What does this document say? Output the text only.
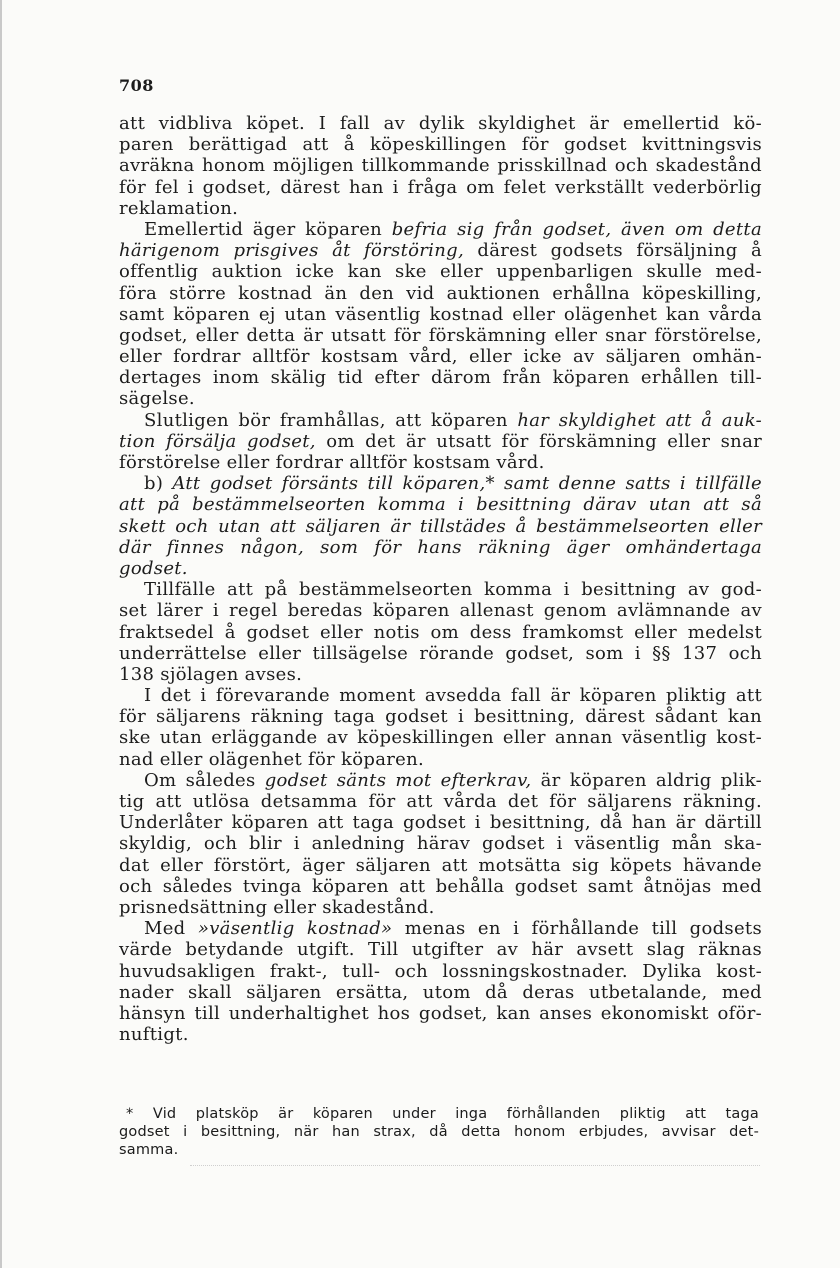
708
att vidbliva köpet. I fall av dylik skyldighet är emellertid kö-
paren berättigad att å köpeskillingen för godset kvittningsvis
avräkna honom möjligen tillkommande prisskillnad och skadestånd
för fel i godset, därest han i fråga om felet verkställt vederbörlig
reklamation.
Emellertid äger köparen befria sig från godset, även om detta
härigenom prisgives åt förstöring, därest godsets försäljning å
offentlig auktion icke kan ske eller uppenbarligen skulle med-
föra större kostnad än den vid auktionen erhållna köpeskilling,
samt köparen ej utan väsentlig kostnad eller olägenhet kan vårda
godset, eller detta är utsatt för förskämning eller snar förstörelse,
eller fordrar alltför kostsam vård, eller icke av säljaren omhän-
dertages inom skälig tid efter därom från köparen erhållen till-
sägelse.
Slutligen bör framhållas, att köparen har skyldighet att å auk-
tion försälja godset, om det är utsatt för förskämning eller snar
förstörelse eller fordrar alltför kostsam vård.
b) Att godset försänts till köparen,* samt denne satts i tillfälle
att på bestämmelseorten komma i besittning därav utan att så
skett och utan att säljaren är tillstädes å bestämmelseorten eller
där finnes någon, som för hans räkning äger omhändertaga
godset.
Tillfälle att på bestämmelseorten komma i besittning av god-
set lärer i regel beredas köparen allenast genom avlämnande av
fraktsedel å godset eller notis om dess framkomst eller medelst
underrättelse eller tillsägelse rörande godset, som i §§ 137 och
138 sjölagen avses.
I det i förevarande moment avsedda fall är köparen pliktig att
för säljarens räkning taga godset i besittning, därest sådant kan
ske utan erläggande av köpeskillingen eller annan väsentlig kost-
nad eller olägenhet för köparen.
Om således godset sänts mot efterkrav, är köparen aldrig plik-
tig att utlösa detsamma för att vårda det för säljarens räkning.
Underlåter köparen att taga godset i besittning, då han är därtill
skyldig, och blir i anledning härav godset i väsentlig mån ska-
dat eller förstört, äger säljaren att motsätta sig köpets hävande
och således tvinga köparen att behålla godset samt åtnöjas med
prisnedsättning eller skadestånd.
Med »väsentlig kostnad» menas en i förhållande till godsets
värde betydande utgift. Till utgifter av här avsett slag räknas
huvudsakligen frakt-, tull- och lossningskostnader. Dylika kost-
nader skall säljaren ersätta, utom då deras utbetalande, med
hänsyn till underhaltighet hos godset, kan anses ekonomiskt oför-
nuftigt.
* Vid platsköp är köparen under inga förhållanden pliktig att taga
godset i besittning, när han strax, då detta honom erbjudes, avvisar det-
samma.
